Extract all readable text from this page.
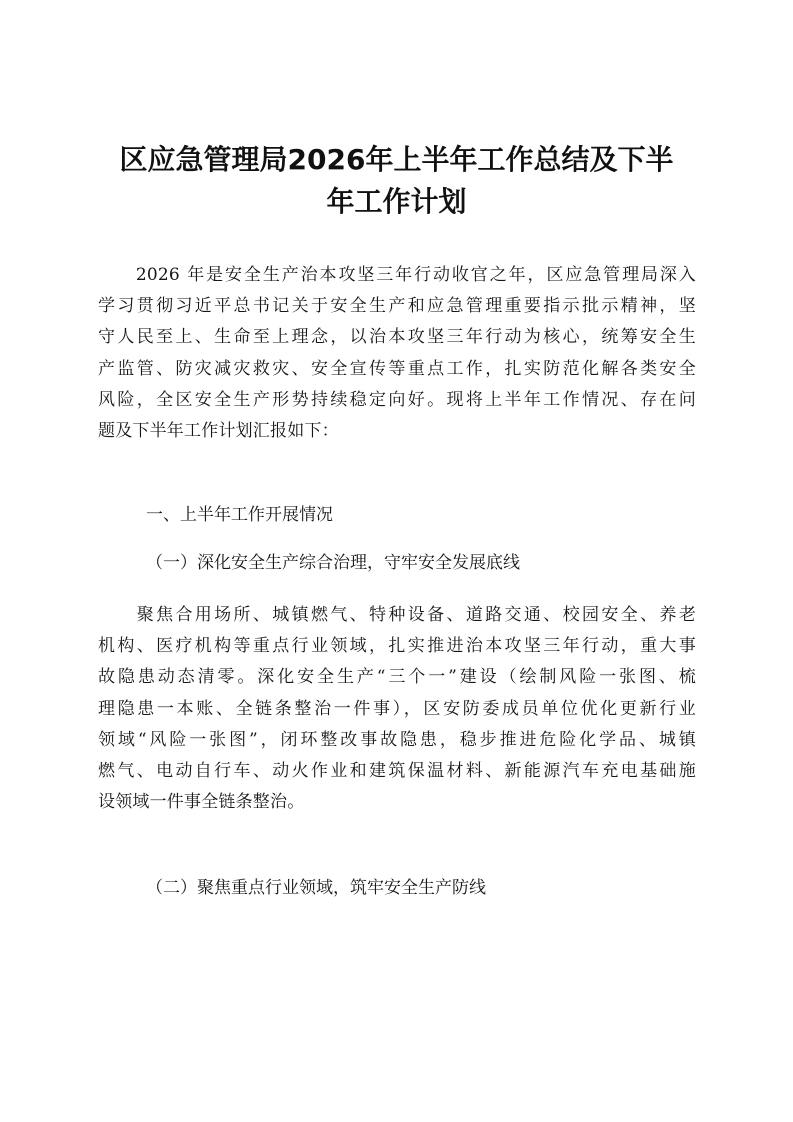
区应急管理局2026年上半年工作总结及下半
年工作计划
　　2026 年是安全生产治本攻坚三年行动收官之年，区应急管理局深入
学习贯彻习近平总书记关于安全生产和应急管理重要指示批示精神，坚
守人民至上、生命至上理念，以治本攻坚三年行动为核心，统筹安全生
产监管、防灾减灾救灾、安全宣传等重点工作，扎实防范化解各类安全
风险，全区安全生产形势持续稳定向好。现将上半年工作情况、存在问
题及下半年工作计划汇报如下：

一、上半年工作开展情况

（一）深化安全生产综合治理，守牢安全发展底线

　　聚焦合用场所、城镇燃气、特种设备、道路交通、校园安全、养老
机构、医疗机构等重点行业领域，扎实推进治本攻坚三年行动，重大事
故隐患动态清零。深化安全生产“三个一”建设（绘制风险一张图、梳
理隐患一本账、全链条整治一件事），区安防委成员单位优化更新行业
领域“风险一张图”，闭环整改事故隐患，稳步推进危险化学品、城镇
燃气、电动自行车、动火作业和建筑保温材料、新能源汽车充电基础施
设领域一件事全链条整治。

（二）聚焦重点行业领域，筑牢安全生产防线
